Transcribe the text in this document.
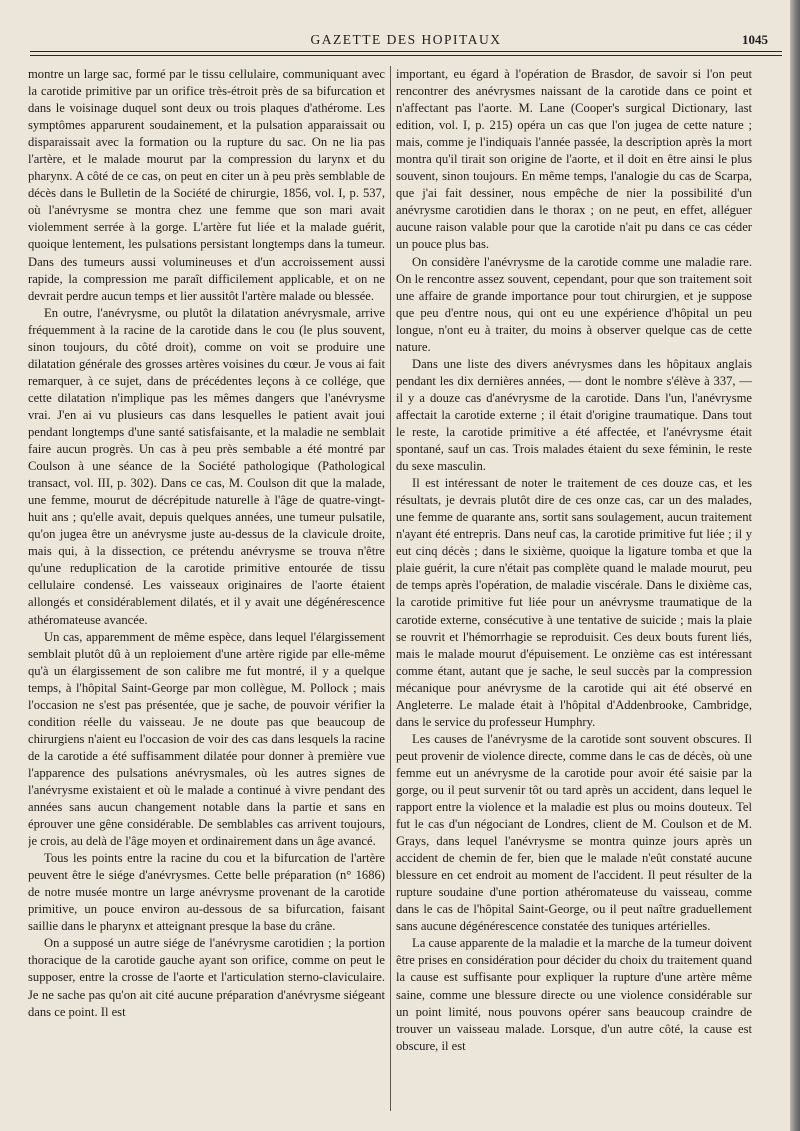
GAZETTE DES HOPITAUX	1045

montre un large sac, formé par le tissu cellulaire, communiquant avec la carotide primitive par un orifice très-étroit près de sa bifurcation et dans le voisinage duquel sont deux ou trois plaques d'athérome. Les symptômes apparurent soudainement, et la pulsation apparaissait ou disparaissait avec la formation ou la rupture du sac. On ne lia pas l'artère, et le malade mourut par la compression du larynx et du pharynx. A côté de ce cas, on peut en citer un à peu près semblable de décès dans le Bulletin de la Société de chirurgie, 1856, vol. I, p. 537, où l'anévrysme se montra chez une femme que son mari avait violemment serrée à la gorge. L'artère fut liée et la malade guérit, quoique lentement, les pulsations persistant longtemps dans la tumeur. Dans des tumeurs aussi volumineuses et d'un accroissement aussi rapide, la compression me paraît difficilement applicable, et on ne devrait perdre aucun temps et lier aussitôt l'artère malade ou blessée.

En outre, l'anévrysme, ou plutôt la dilatation anévrysmale, arrive fréquemment à la racine de la carotide dans le cou (le plus souvent, sinon toujours, du côté droit), comme on voit se produire une dilatation générale des grosses artères voisines du cœur. Je vous ai fait remarquer, à ce sujet, dans de précédentes leçons à ce collége, que cette dilatation n'implique pas les mêmes dangers que l'anévrysme vrai. J'en ai vu plusieurs cas dans lesquelles le patient avait joui pendant longtemps d'une santé satisfaisante, et la maladie ne semblait faire aucun progrès. Un cas à peu près sembable a été montré par Coulson à une séance de la Société pathologique (Pathological transact, vol. III, p. 302). Dans ce cas, M. Coulson dit que la malade, une femme, mourut de décrépitude naturelle à l'âge de quatre-vingt-huit ans ; qu'elle avait, depuis quelques années, une tumeur pulsatile, qu'on jugea être un anévrysme juste au-dessus de la clavicule droite, mais qui, à la dissection, ce prétendu anévrysme se trouva n'être qu'une reduplication de la carotide primitive entourée de tissu cellulaire condensé. Les vaisseaux originaires de l'aorte étaient allongés et considérablement dilatés, et il y avait une dégénérescence athéromateuse avancée.

Un cas, apparemment de même espèce, dans lequel l'élargissement semblait plutôt dû à un reploiement d'une artère rigide par elle-même qu'à un élargissement de son calibre me fut montré, il y a quelque temps, à l'hôpital Saint-George par mon collègue, M. Pollock ; mais l'occasion ne s'est pas présentée, que je sache, de pouvoir vérifier la condition réelle du vaisseau. Je ne doute pas que beaucoup de chirurgiens n'aient eu l'occasion de voir des cas dans lesquels la racine de la carotide a été suffisamment dilatée pour donner à première vue l'apparence des pulsations anévrysmales, où les autres signes de l'anévrysme existaient et où le malade a continué à vivre pendant des années sans aucun changement notable dans la partie et sans en éprouver une gêne considérable. De semblables cas arrivent toujours, je crois, au delà de l'âge moyen et ordinairement dans un âge avancé.

Tous les points entre la racine du cou et la bifurcation de l'artère peuvent être le siége d'anévrysmes. Cette belle préparation (n° 1686) de notre musée montre un large anévrysme provenant de la carotide primitive, un pouce environ au-dessous de sa bifurcation, faisant saillie dans le pharynx et atteignant presque la base du crâne.

On a supposé un autre siége de l'anévrysme carotidien ; la portion thoracique de la carotide gauche ayant son orifice, comme on peut le supposer, entre la crosse de l'aorte et l'articulation sterno-claviculaire. Je ne sache pas qu'on ait cité aucune préparation d'anévrysme siégeant dans ce point. Il est

important, eu égard à l'opération de Brasdor, de savoir si l'on peut rencontrer des anévrysmes naissant de la carotide dans ce point et n'affectant pas l'aorte. M. Lane (Cooper's surgical Dictionary, last edition, vol. I, p. 215) opéra un cas que l'on jugea de cette nature ; mais, comme je l'indiquais l'année passée, la description après la mort montra qu'il tirait son origine de l'aorte, et il doit en être ainsi le plus souvent, sinon toujours. En même temps, l'analogie du cas de Scarpa, que j'ai fait dessiner, nous empêche de nier la possibilité d'un anévrysme carotidien dans le thorax ; on ne peut, en effet, alléguer aucune raison valable pour que la carotide n'ait pu dans ce cas céder un pouce plus bas.

On considère l'anévrysme de la carotide comme une maladie rare. On le rencontre assez souvent, cependant, pour que son traitement soit une affaire de grande importance pour tout chirurgien, et je suppose que peu d'entre nous, qui ont eu une expérience d'hôpital un peu longue, n'ont eu à traiter, du moins à observer quelque cas de cette nature.

Dans une liste des divers anévrysmes dans les hôpitaux anglais pendant les dix dernières années, — dont le nombre s'élève à 337, — il y a douze cas d'anévrysme de la carotide. Dans l'un, l'anévrysme affectait la carotide externe ; il était d'origine traumatique. Dans tout le reste, la carotide primitive a été affectée, et l'anévrysme était spontané, sauf un cas. Trois malades étaient du sexe féminin, le reste du sexe masculin.

Il est intéressant de noter le traitement de ces douze cas, et les résultats, je devrais plutôt dire de ces onze cas, car un des malades, une femme de quarante ans, sortit sans soulagement, aucun traitement n'ayant été entrepris. Dans neuf cas, la carotide primitive fut liée ; il y eut cinq décès ; dans le sixième, quoique la ligature tomba et que la plaie guérit, la cure n'était pas complète quand le malade mourut, peu de temps après l'opération, de maladie viscérale. Dans le dixième cas, la carotide primitive fut liée pour un anévrysme traumatique de la carotide externe, consécutive à une tentative de suicide ; mais la plaie se rouvrit et l'hémorrhagie se reproduisit. Ces deux bouts furent liés, mais le malade mourut d'épuisement. Le onzième cas est intéressant comme étant, autant que je sache, le seul succès par la compression mécanique pour anévrysme de la carotide qui ait été observé en Angleterre. Le malade était à l'hôpital d'Addenbrooke, Cambridge, dans le service du professeur Humphry.

Les causes de l'anévrysme de la carotide sont souvent obscures. Il peut provenir de violence directe, comme dans le cas de décès, où une femme eut un anévrysme de la carotide pour avoir été saisie par la gorge, ou il peut survenir tôt ou tard après un accident, dans lequel le rapport entre la violence et la maladie est plus ou moins douteux. Tel fut le cas d'un négociant de Londres, client de M. Coulson et de M. Grays, dans lequel l'anévrysme se montra quinze jours après un accident de chemin de fer, bien que le malade n'eût constaté aucune blessure en cet endroit au moment de l'accident. Il peut résulter de la rupture soudaine d'une portion athéromateuse du vaisseau, comme dans le cas de l'hôpital Saint-George, ou il peut naître graduellement sans aucune dégénérescence constatée des tuniques artérielles.

La cause apparente de la maladie et la marche de la tumeur doivent être prises en considération pour décider du choix du traitement quand la cause est suffisante pour expliquer la rupture d'une artère même saine, comme une blessure directe ou une violence considérable sur un point limité, nous pouvons opérer sans beaucoup craindre de trouver un vaisseau malade. Lorsque, d'un autre côté, la cause est obscure, il est
